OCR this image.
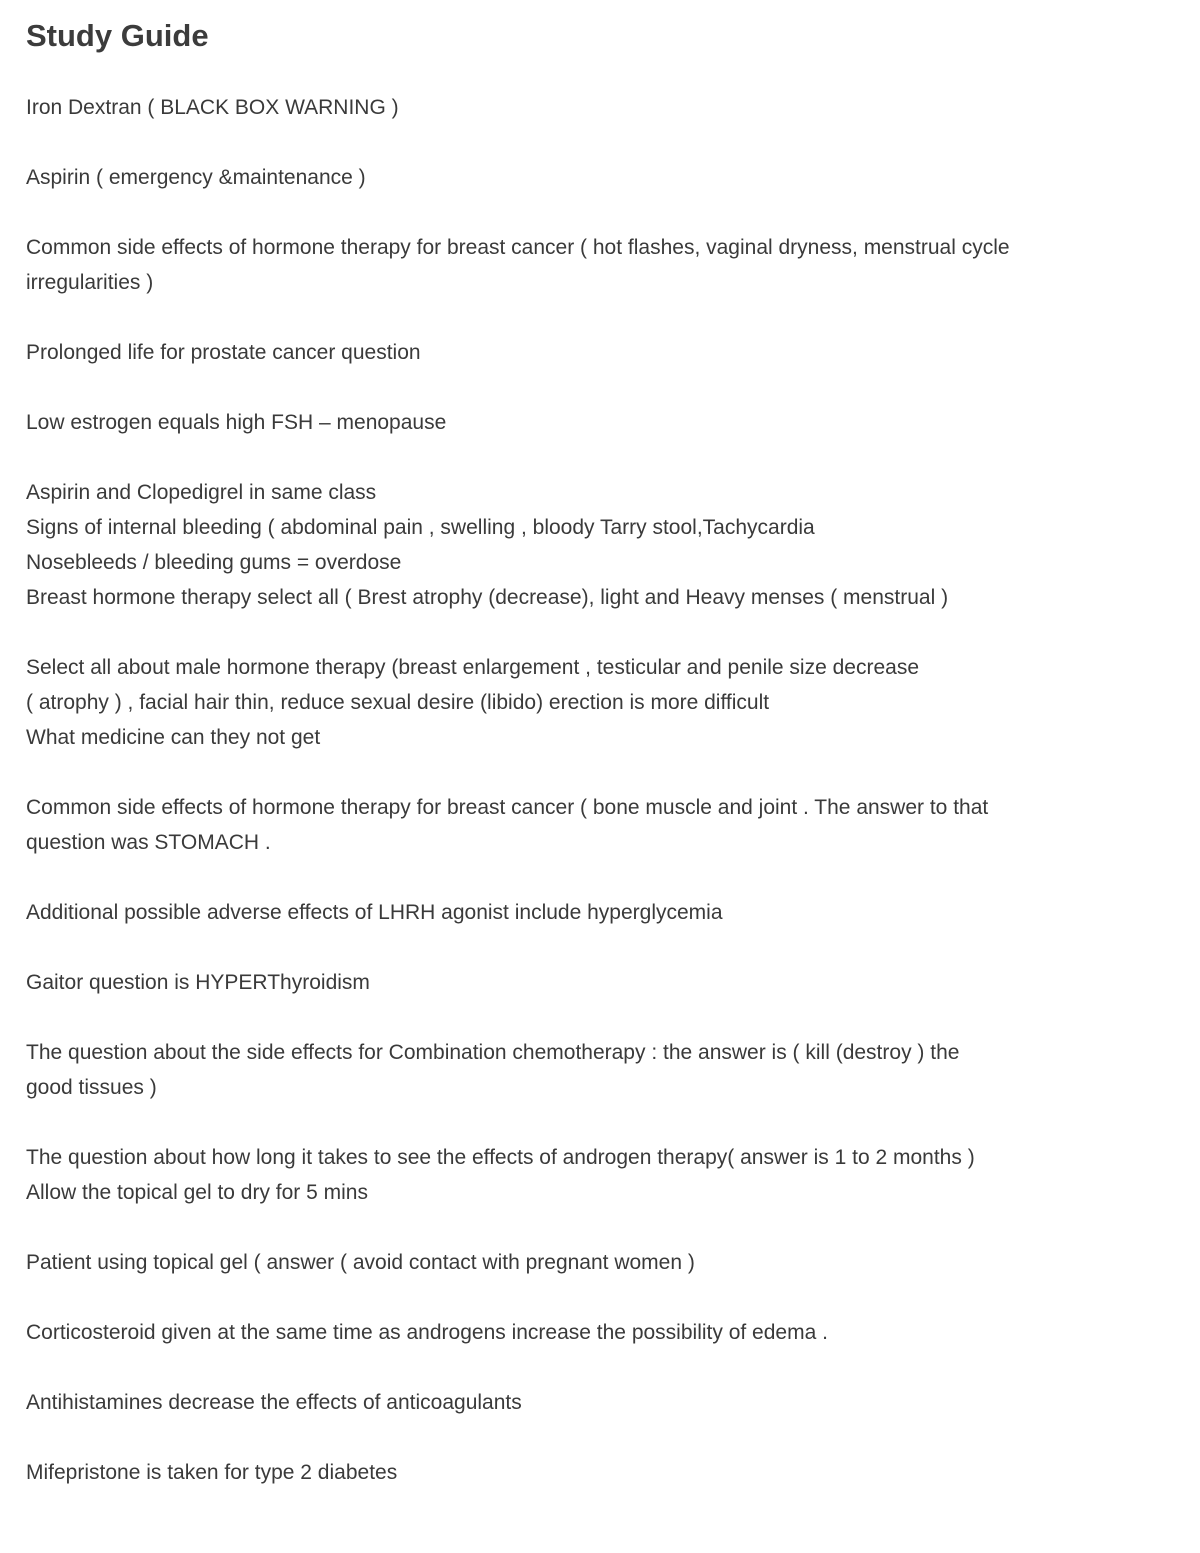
Study Guide
Iron Dextran ( BLACK BOX WARNING )
Aspirin ( emergency &maintenance )
Common side effects of hormone therapy for breast cancer ( hot flashes, vaginal dryness, menstrual cycle
irregularities )
Prolonged life for prostate cancer question
Low estrogen equals high FSH – menopause
Aspirin and Clopedigrel in same class
Signs of internal bleeding ( abdominal pain , swelling , bloody Tarry stool,Tachycardia
Nosebleeds / bleeding gums = overdose
Breast hormone therapy select all ( Brest atrophy (decrease), light and Heavy menses ( menstrual )
Select all about male hormone therapy (breast enlargement , testicular and penile size decrease
( atrophy ) , facial hair thin, reduce sexual desire (libido) erection is more difficult
What medicine can they not get
Common side effects of hormone therapy for breast cancer ( bone muscle and joint . The answer to that
question was STOMACH .
Additional possible adverse effects of LHRH agonist include hyperglycemia
Gaitor question is HYPERThyroidism
The question about the side effects for Combination chemotherapy : the answer is ( kill (destroy ) the
good tissues )
The question about how long it takes to see the effects of androgen therapy( answer is 1 to 2 months )
Allow the topical gel to dry for 5 mins
Patient using topical gel ( answer ( avoid contact with pregnant women )
Corticosteroid given at the same time as androgens increase the possibility of edema .
Antihistamines decrease the effects of anticoagulants
Mifepristone is taken for type 2 diabetes
